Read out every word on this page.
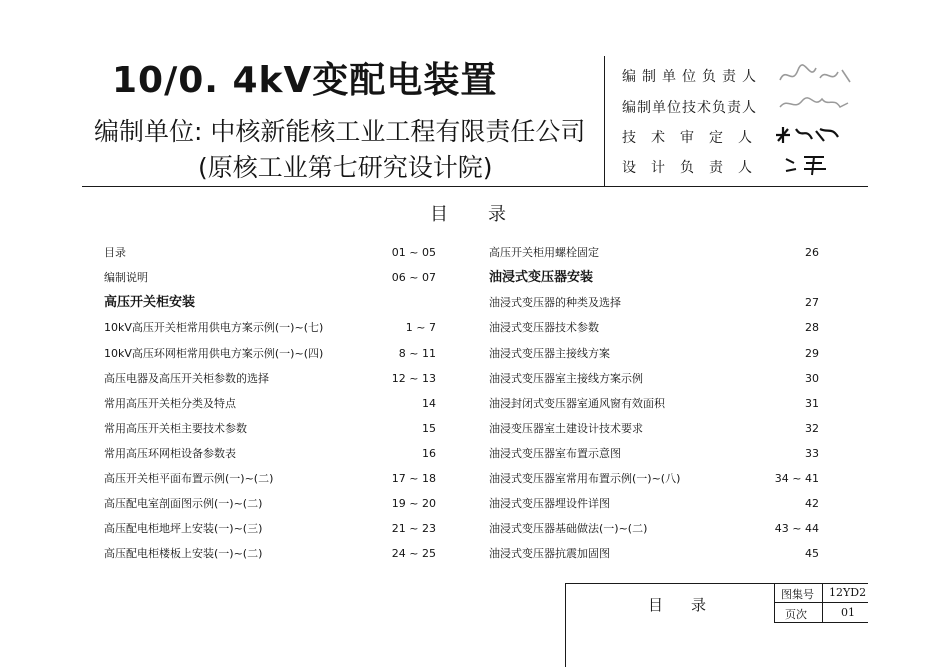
10/0. 4kV变配电装置
编制单位: 中核新能核工业工程有限责任公司
(原核工业第七研究设计院)
编制单位负责人
编制单位技术负责人
技术审定人
设计负责人
目录
目录	01 ~ 05
编制说明	06 ~ 07
高压开关柜安装
10kV高压开关柜常用供电方案示例(一)~(七)	1 ~ 7
10kV高压环网柜常用供电方案示例(一)~(四)	8 ~ 11
高压电器及高压开关柜参数的选择	12 ~ 13
常用高压开关柜分类及特点	14
常用高压开关柜主要技术参数	15
常用高压环网柜设备参数表	16
高压开关柜平面布置示例(一)~(二)	17 ~ 18
高压配电室剖面图示例(一)~(二)	19 ~ 20
高压配电柜地坪上安装(一)~(三)	21 ~ 23
高压配电柜楼板上安装(一)~(二)	24 ~ 25
高压开关柜用螺栓固定	26
油浸式变压器安装
油浸式变压器的种类及选择	27
油浸式变压器技术参数	28
油浸式变压器主接线方案	29
油浸式变压器室主接线方案示例	30
油浸封闭式变压器室通风窗有效面积	31
油浸变压器室土建设计技术要求	32
油浸式变压器室布置示意图	33
油浸式变压器室常用布置示例(一)~(八)	34 ~ 41
油浸式变压器埋设件详图	42
油浸式变压器基础做法(一)~(二)	43 ~ 44
油浸式变压器抗震加固图	45
目录
图集号 12YD2
页次	01
